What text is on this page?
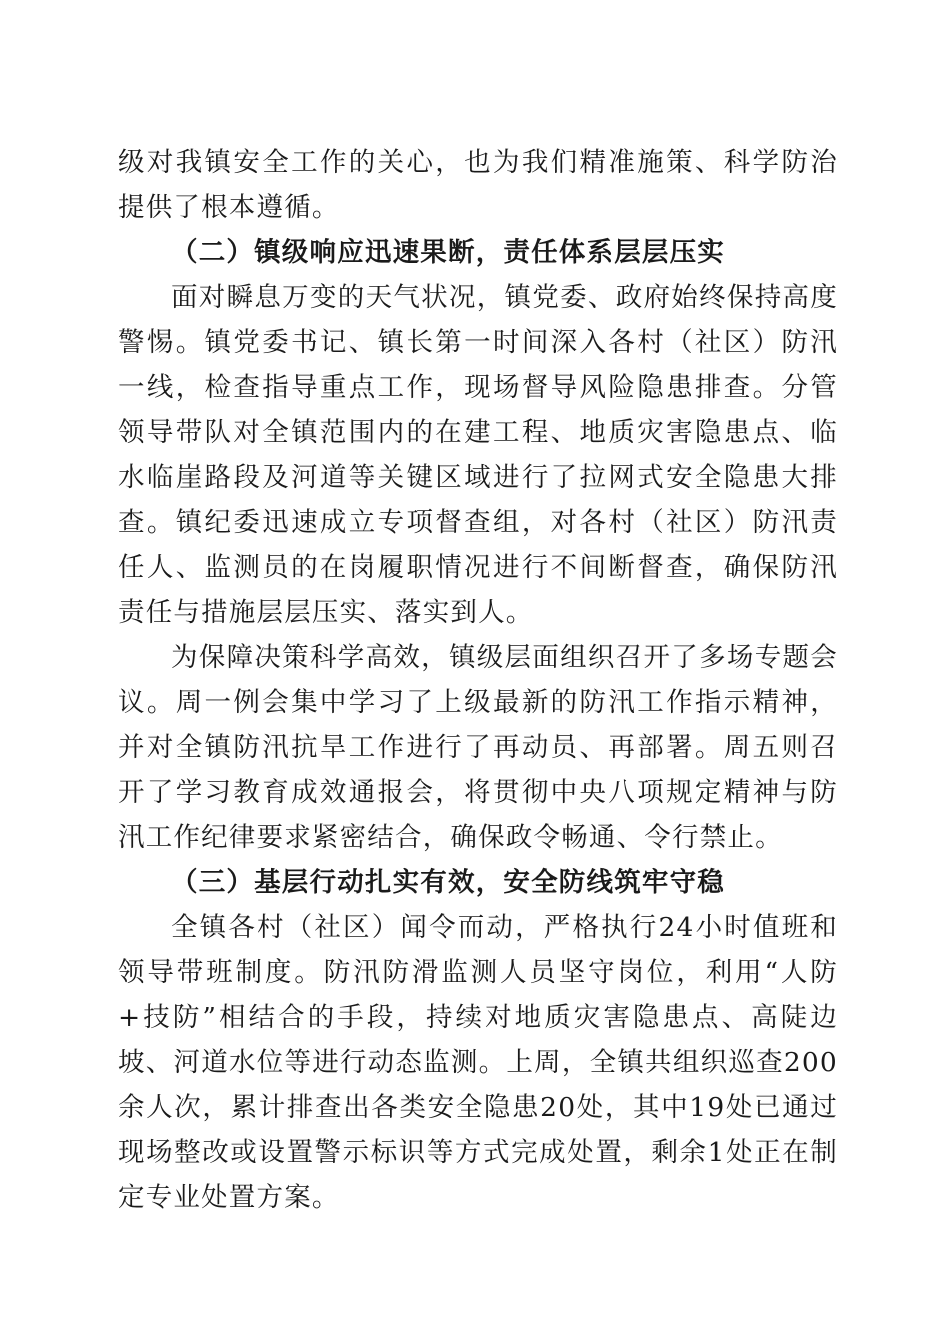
级对我镇安全工作的关心，也为我们精准施策、科学防治提供了根本遵循。

（二）镇级响应迅速果断，责任体系层层压实

面对瞬息万变的天气状况，镇党委、政府始终保持高度警惕。镇党委书记、镇长第一时间深入各村（社区）防汛一线，检查指导重点工作，现场督导风险隐患排查。分管领导带队对全镇范围内的在建工程、地质灾害隐患点、临水临崖路段及河道等关键区域进行了拉网式安全隐患大排查。镇纪委迅速成立专项督查组，对各村（社区）防汛责任人、监测员的在岗履职情况进行不间断督查，确保防汛责任与措施层层压实、落实到人。

为保障决策科学高效，镇级层面组织召开了多场专题会议。周一例会集中学习了上级最新的防汛工作指示精神，并对全镇防汛抗旱工作进行了再动员、再部署。周五则召开了学习教育成效通报会，将贯彻中央八项规定精神与防汛工作纪律要求紧密结合，确保政令畅通、令行禁止。

（三）基层行动扎实有效，安全防线筑牢守稳

全镇各村（社区）闻令而动，严格执行24小时值班和领导带班制度。防汛防滑监测人员坚守岗位，利用“人防+技防”相结合的手段，持续对地质灾害隐患点、高陡边坡、河道水位等进行动态监测。上周，全镇共组织巡查200余人次，累计排查出各类安全隐患20处，其中19处已通过现场整改或设置警示标识等方式完成处置，剩余1处正在制定专业处置方案。
